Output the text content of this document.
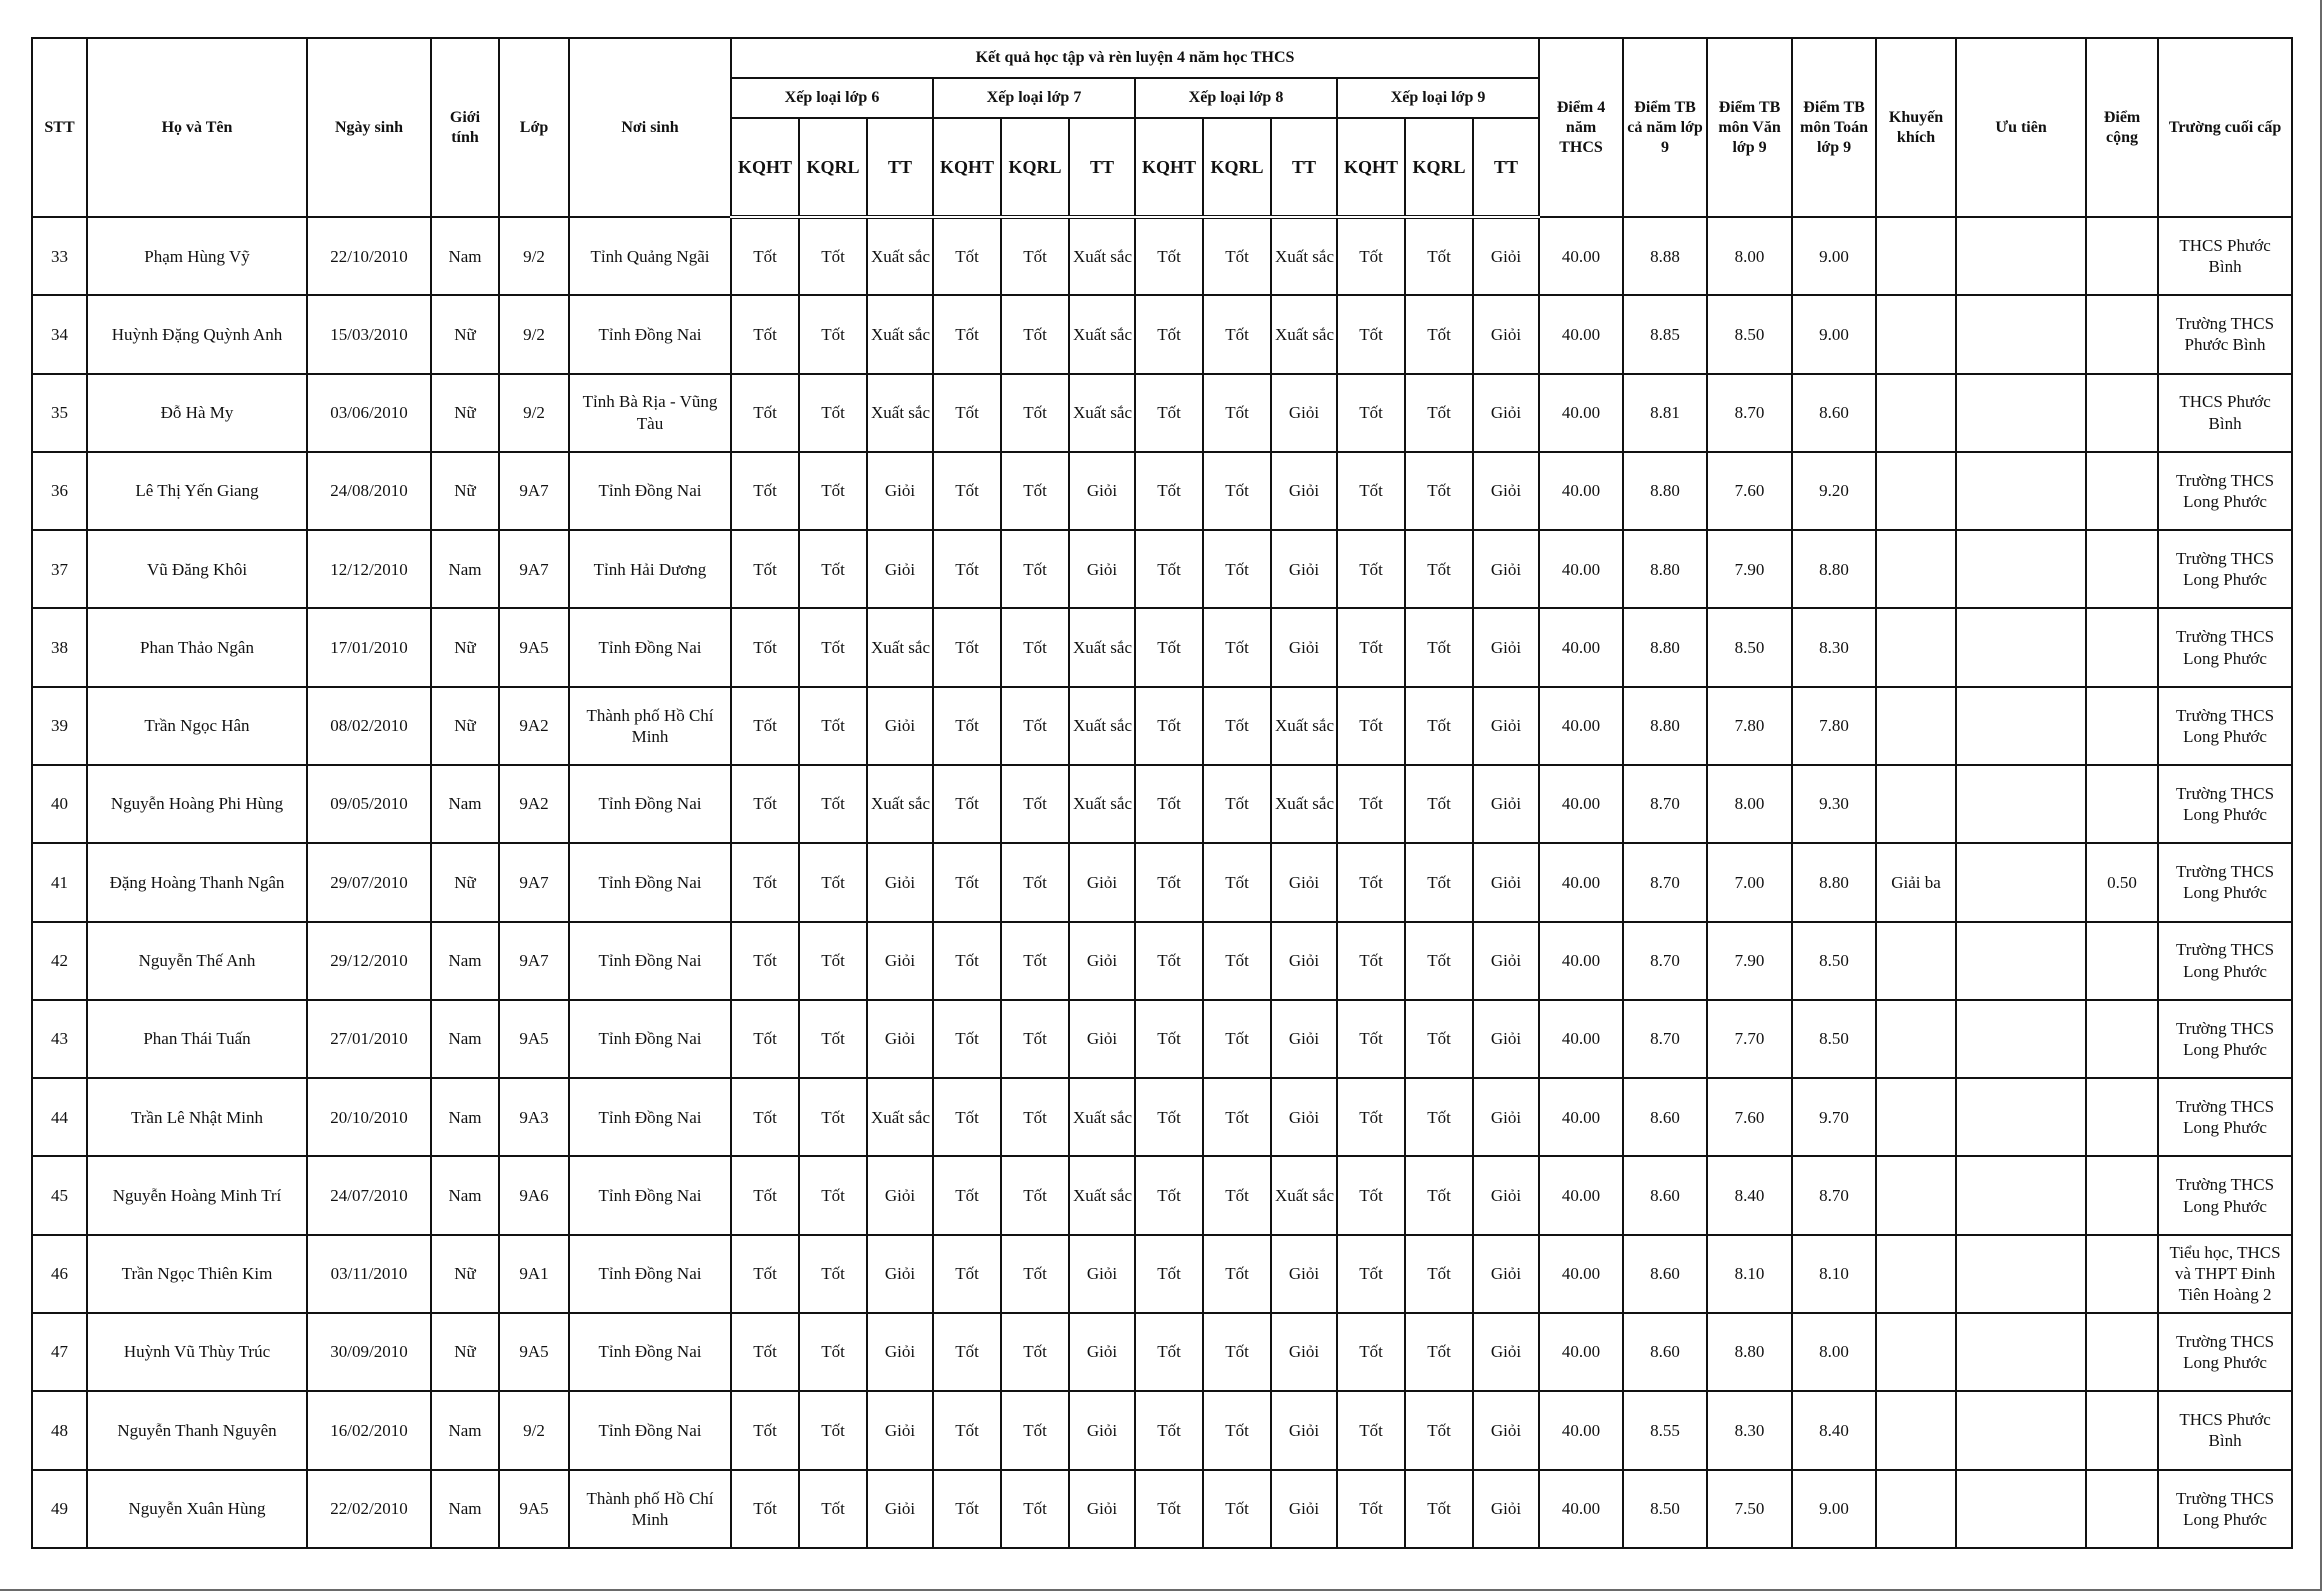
STT	Họ và Tên	Ngày sinh	Giới tính	Lớp	Nơi sinh	Kết quả học tập và rèn luyện 4 năm học THCS												Điểm 4 năm THCS	Điểm TB cả năm lớp 9	Điểm TB môn Văn lớp 9	Điểm TB môn Toán lớp 9	Khuyến khích	Ưu tiên	Điểm cộng	Trường cuối cấp
						Xếp loại lớp 6			Xếp loại lớp 7			Xếp loại lớp 8			Xếp loại lớp 9										
						KQHT	KQRL	TT	KQHT	KQRL	TT	KQHT	KQRL	TT	KQHT	KQRL	TT								
33	Phạm Hùng Vỹ	22/10/2010	Nam	9/2	Tỉnh Quảng Ngãi	Tốt	Tốt	Xuất sắc	Tốt	Tốt	Xuất sắc	Tốt	Tốt	Xuất sắc	Tốt	Tốt	Giỏi	40.00	8.88	8.00	9.00				THCS Phước Bình
34	Huỳnh Đặng Quỳnh Anh	15/03/2010	Nữ	9/2	Tỉnh Đồng Nai	Tốt	Tốt	Xuất sắc	Tốt	Tốt	Xuất sắc	Tốt	Tốt	Xuất sắc	Tốt	Tốt	Giỏi	40.00	8.85	8.50	9.00				Trường THCS Phước Bình
35	Đỗ Hà My	03/06/2010	Nữ	9/2	Tỉnh Bà Rịa - Vũng Tàu	Tốt	Tốt	Xuất sắc	Tốt	Tốt	Xuất sắc	Tốt	Tốt	Giỏi	Tốt	Tốt	Giỏi	40.00	8.81	8.70	8.60				THCS Phước Bình
36	Lê Thị Yến Giang	24/08/2010	Nữ	9A7	Tỉnh Đồng Nai	Tốt	Tốt	Giỏi	Tốt	Tốt	Giỏi	Tốt	Tốt	Giỏi	Tốt	Tốt	Giỏi	40.00	8.80	7.60	9.20				Trường THCS Long Phước
37	Vũ Đăng Khôi	12/12/2010	Nam	9A7	Tỉnh Hải Dương	Tốt	Tốt	Giỏi	Tốt	Tốt	Giỏi	Tốt	Tốt	Giỏi	Tốt	Tốt	Giỏi	40.00	8.80	7.90	8.80				Trường THCS Long Phước
38	Phan Thảo Ngân	17/01/2010	Nữ	9A5	Tỉnh Đồng Nai	Tốt	Tốt	Xuất sắc	Tốt	Tốt	Xuất sắc	Tốt	Tốt	Giỏi	Tốt	Tốt	Giỏi	40.00	8.80	8.50	8.30				Trường THCS Long Phước
39	Trần Ngọc Hân	08/02/2010	Nữ	9A2	Thành phố Hồ Chí Minh	Tốt	Tốt	Giỏi	Tốt	Tốt	Xuất sắc	Tốt	Tốt	Xuất sắc	Tốt	Tốt	Giỏi	40.00	8.80	7.80	7.80				Trường THCS Long Phước
40	Nguyễn Hoàng Phi Hùng	09/05/2010	Nam	9A2	Tỉnh Đồng Nai	Tốt	Tốt	Xuất sắc	Tốt	Tốt	Xuất sắc	Tốt	Tốt	Xuất sắc	Tốt	Tốt	Giỏi	40.00	8.70	8.00	9.30				Trường THCS Long Phước
41	Đặng Hoàng Thanh Ngân	29/07/2010	Nữ	9A7	Tỉnh Đồng Nai	Tốt	Tốt	Giỏi	Tốt	Tốt	Giỏi	Tốt	Tốt	Giỏi	Tốt	Tốt	Giỏi	40.00	8.70	7.00	8.80	Giải ba		0.50	Trường THCS Long Phước
42	Nguyễn Thế Anh	29/12/2010	Nam	9A7	Tỉnh Đồng Nai	Tốt	Tốt	Giỏi	Tốt	Tốt	Giỏi	Tốt	Tốt	Giỏi	Tốt	Tốt	Giỏi	40.00	8.70	7.90	8.50				Trường THCS Long Phước
43	Phan Thái Tuấn	27/01/2010	Nam	9A5	Tỉnh Đồng Nai	Tốt	Tốt	Giỏi	Tốt	Tốt	Giỏi	Tốt	Tốt	Giỏi	Tốt	Tốt	Giỏi	40.00	8.70	7.70	8.50				Trường THCS Long Phước
44	Trần Lê Nhật Minh	20/10/2010	Nam	9A3	Tỉnh Đồng Nai	Tốt	Tốt	Xuất sắc	Tốt	Tốt	Xuất sắc	Tốt	Tốt	Giỏi	Tốt	Tốt	Giỏi	40.00	8.60	7.60	9.70				Trường THCS Long Phước
45	Nguyễn Hoàng Minh Trí	24/07/2010	Nam	9A6	Tỉnh Đồng Nai	Tốt	Tốt	Giỏi	Tốt	Tốt	Xuất sắc	Tốt	Tốt	Xuất sắc	Tốt	Tốt	Giỏi	40.00	8.60	8.40	8.70				Trường THCS Long Phước
46	Trần Ngọc Thiên Kim	03/11/2010	Nữ	9A1	Tỉnh Đồng Nai	Tốt	Tốt	Giỏi	Tốt	Tốt	Giỏi	Tốt	Tốt	Giỏi	Tốt	Tốt	Giỏi	40.00	8.60	8.10	8.10				Tiểu học, THCS và THPT Đinh Tiên Hoàng 2
47	Huỳnh Vũ Thùy Trúc	30/09/2010	Nữ	9A5	Tỉnh Đồng Nai	Tốt	Tốt	Giỏi	Tốt	Tốt	Giỏi	Tốt	Tốt	Giỏi	Tốt	Tốt	Giỏi	40.00	8.60	8.80	8.00				Trường THCS Long Phước
48	Nguyễn Thanh Nguyên	16/02/2010	Nam	9/2	Tỉnh Đồng Nai	Tốt	Tốt	Giỏi	Tốt	Tốt	Giỏi	Tốt	Tốt	Giỏi	Tốt	Tốt	Giỏi	40.00	8.55	8.30	8.40				THCS Phước Bình
49	Nguyễn Xuân Hùng	22/02/2010	Nam	9A5	Thành phố Hồ Chí Minh	Tốt	Tốt	Giỏi	Tốt	Tốt	Giỏi	Tốt	Tốt	Giỏi	Tốt	Tốt	Giỏi	40.00	8.50	7.50	9.00				Trường THCS Long Phước
